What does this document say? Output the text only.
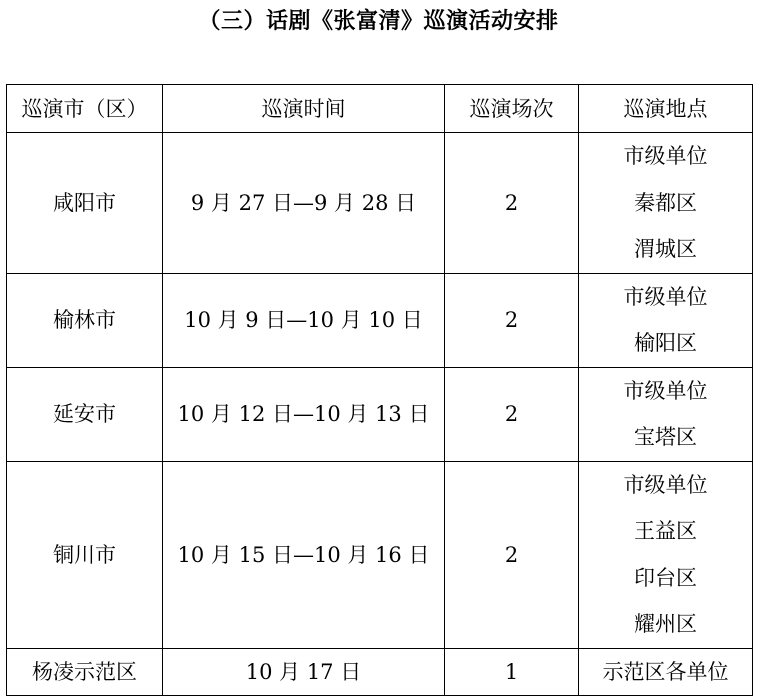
（三）话剧《张富清》巡演活动安排
巡演市（区）	巡演时间	巡演场次	巡演地点
咸阳市	9 月 27 日—9 月 28 日	2	市级单位
秦都区
渭城区

榆林市	10 月 9 日—10 月 10 日	2	市级单位
榆阳区

延安市	10 月 12 日—10 月 13 日	2	市级单位
宝塔区

铜川市	10 月 15 日—10 月 16 日	2	市级单位
王益区
印台区
耀州区

杨凌示范区	10 月 17 日	1	示范区各单位
